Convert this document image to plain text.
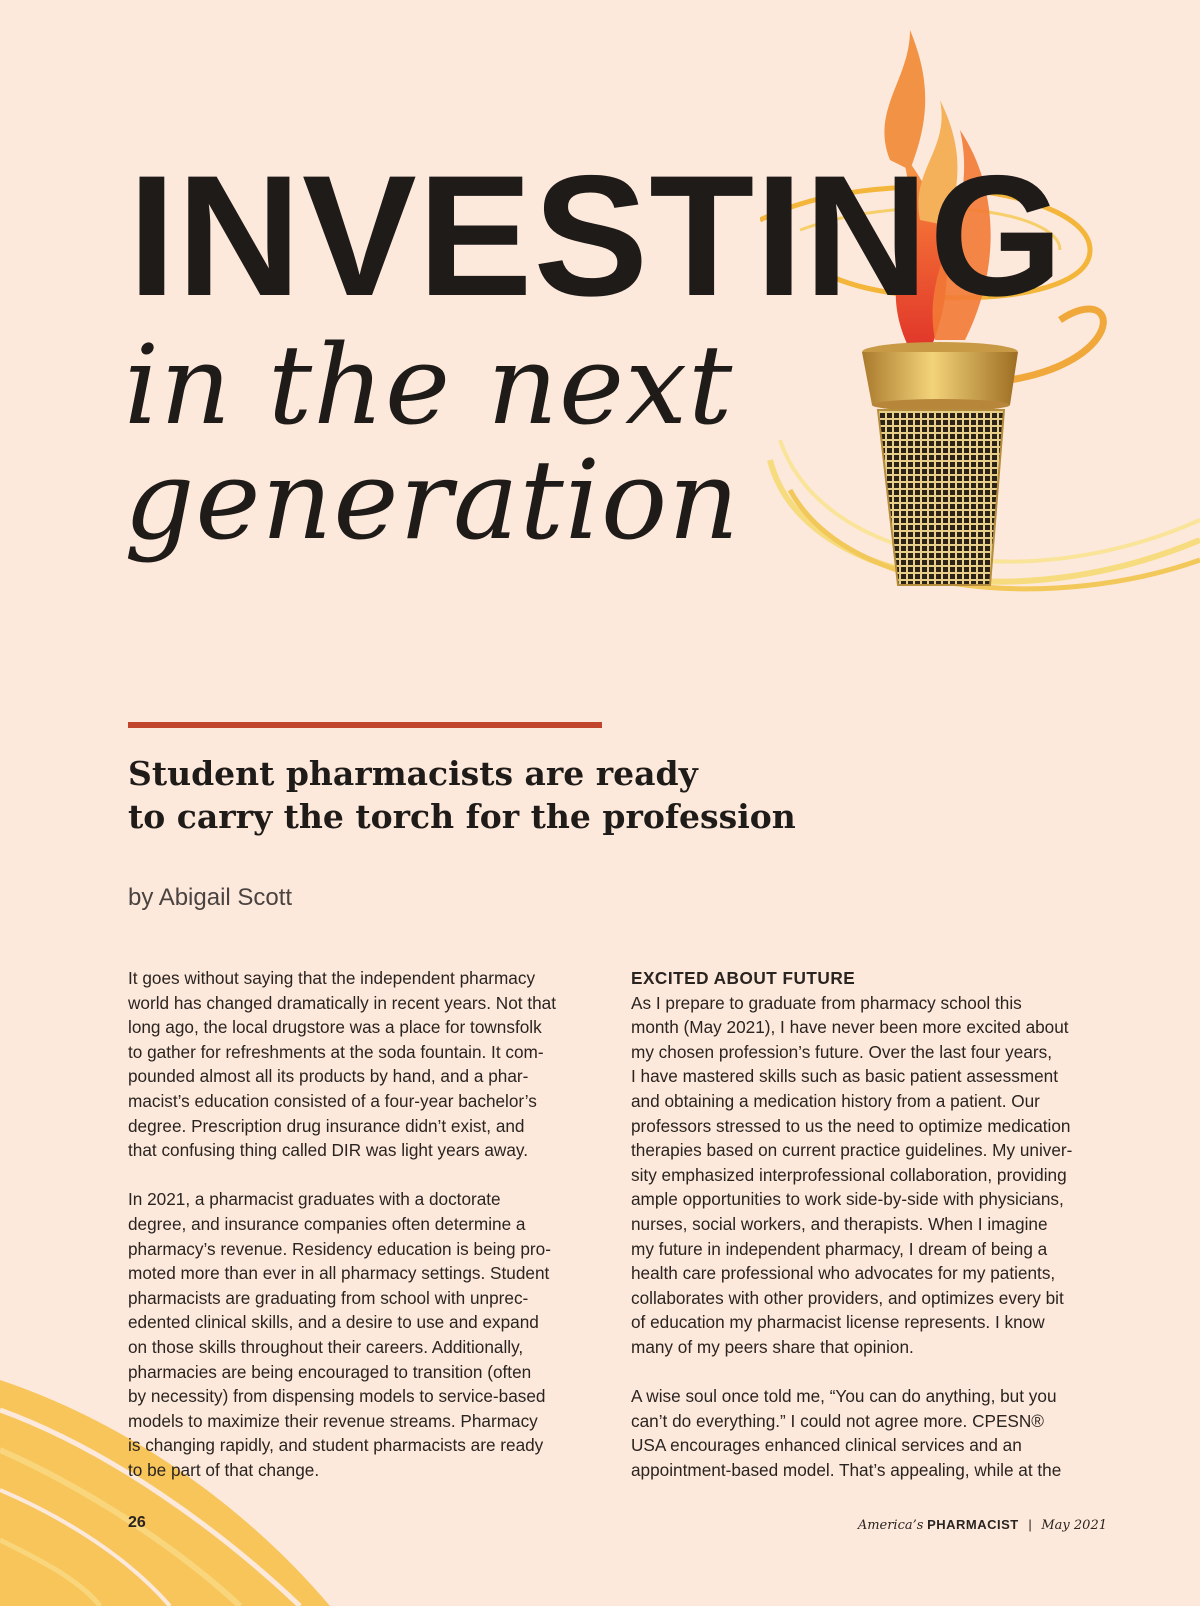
INVESTING
in the next
generation
Student pharmacists are ready
to carry the torch for the profession
by Abigail Scott
It goes without saying that the independent pharmacy
world has changed dramatically in recent years. Not that
long ago, the local drugstore was a place for townsfolk
to gather for refreshments at the soda fountain. It com-
pounded almost all its products by hand, and a phar-
macist’s education consisted of a four-year bachelor’s
degree. Prescription drug insurance didn’t exist, and
that confusing thing called DIR was light years away.
In 2021, a pharmacist graduates with a doctorate
degree, and insurance companies often determine a
pharmacy’s revenue. Residency education is being pro-
moted more than ever in all pharmacy settings. Student
pharmacists are graduating from school with unprec-
edented clinical skills, and a desire to use and expand
on those skills throughout their careers. Additionally,
pharmacies are being encouraged to transition (often
by necessity) from dispensing models to service-based
models to maximize their revenue streams. Pharmacy
is changing rapidly, and student pharmacists are ready
to be part of that change.
EXCITED ABOUT FUTURE
As I prepare to graduate from pharmacy school this
month (May 2021), I have never been more excited about
my chosen profession’s future. Over the last four years,
I have mastered skills such as basic patient assessment
and obtaining a medication history from a patient. Our
professors stressed to us the need to optimize medication
therapies based on current practice guidelines. My univer-
sity emphasized interprofessional collaboration, providing
ample opportunities to work side-by-side with physicians,
nurses, social workers, and therapists. When I imagine
my future in independent pharmacy, I dream of being a
health care professional who advocates for my patients,
collaborates with other providers, and optimizes every bit
of education my pharmacist license represents. I know
many of my peers share that opinion.
A wise soul once told me, “You can do anything, but you
can’t do everything.” I could not agree more. CPESN®
USA encourages enhanced clinical services and an
appointment-based model. That’s appealing, while at the
26	America’s PHARMACIST | May 2021
